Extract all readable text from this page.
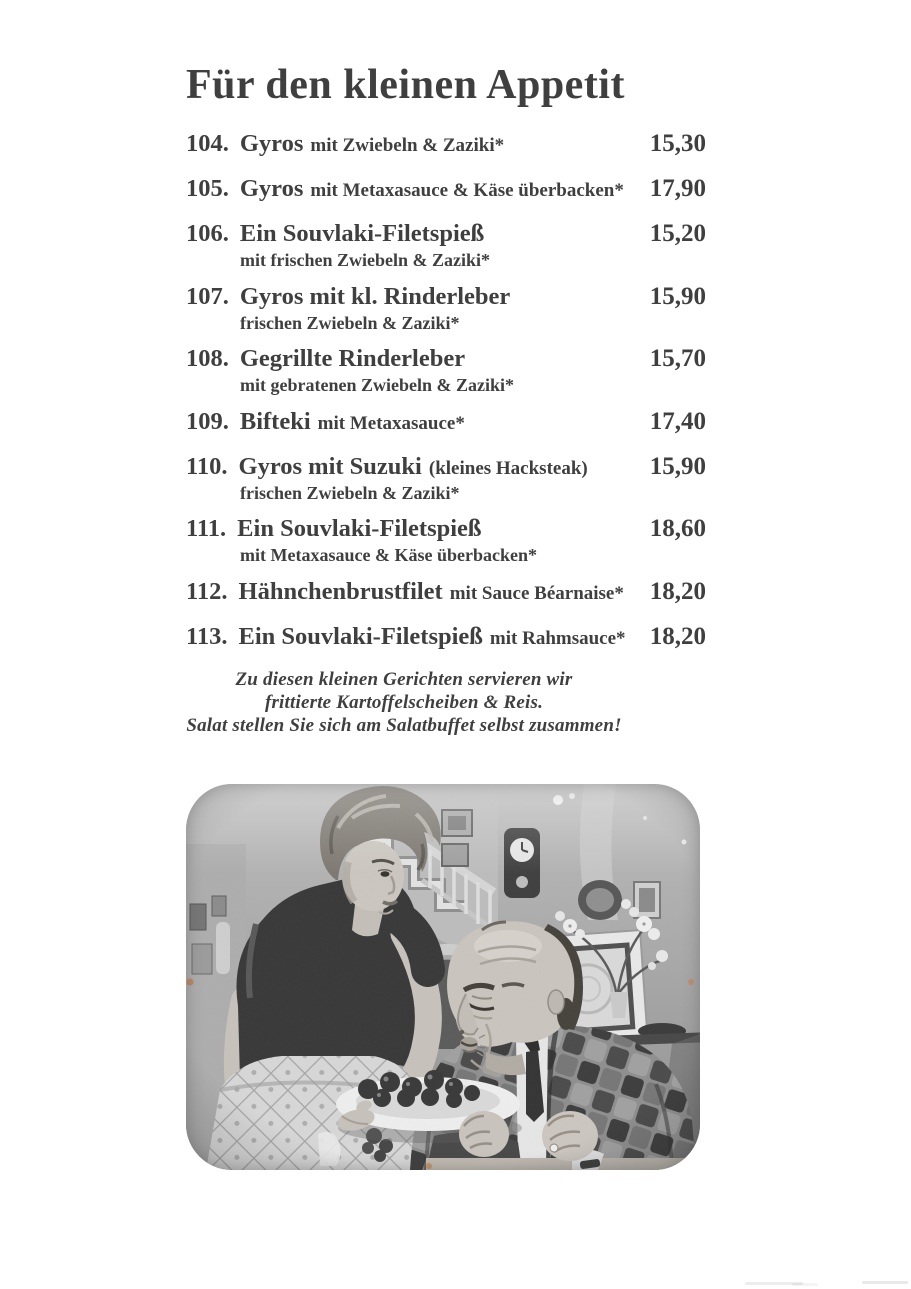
Für den kleinen Appetit
104. Gyros mit Zwiebeln & Zaziki*	15,30
105. Gyros mit Metaxasauce & Käse überbacken* 17,90
106. Ein Souvlaki-Filetspieß	15,20
mit frischen Zwiebeln & Zaziki*
107. Gyros mit kl. Rinderleber	15,90
frischen Zwiebeln & Zaziki*
108. Gegrillte Rinderleber	15,70
mit gebratenen Zwiebeln & Zaziki*
109. Bifteki mit Metaxasauce*	17,40
110. Gyros mit Suzuki (kleines Hacksteak) 15,90
frischen Zwiebeln & Zaziki*
111. Ein Souvlaki-Filetspieß	18,60
mit Metaxasauce & Käse überbacken*
112. Hähnchenbrustfilet mit Sauce Béarnaise* 18,20
113. Ein Souvlaki-Filetspieß mit Rahmsauce* 18,20
Zu diesen kleinen Gerichten servieren wir
frittierte Kartoffelscheiben & Reis.
Salat stellen Sie sich am Salatbuffet selbst zusammen!
